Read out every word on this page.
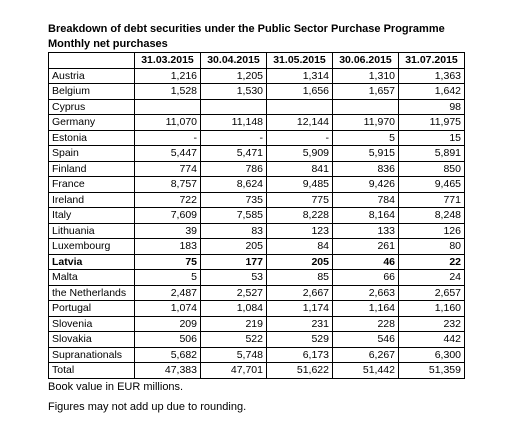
Breakdown of debt securities under the Public Sector Purchase Programme
Monthly net purchases
	31.03.2015	30.04.2015	31.05.2015	30.06.2015	31.07.2015
Austria	1,216	1,205	1,314	1,310	1,363
Belgium	1,528	1,530	1,656	1,657	1,642
Cyprus					98
Germany	11,070	11,148	12,144	11,970	11,975
Estonia	-	-	-	5	15
Spain	5,447	5,471	5,909	5,915	5,891
Finland	774	786	841	836	850
France	8,757	8,624	9,485	9,426	9,465
Ireland	722	735	775	784	771
Italy	7,609	7,585	8,228	8,164	8,248
Lithuania	39	83	123	133	126
Luxembourg	183	205	84	261	80
Latvia	75	177	205	46	22
Malta	5	53	85	66	24
the Netherlands	2,487	2,527	2,667	2,663	2,657
Portugal	1,074	1,084	1,174	1,164	1,160
Slovenia	209	219	231	228	232
Slovakia	506	522	529	546	442
Supranationals	5,682	5,748	6,173	6,267	6,300
Total	47,383	47,701	51,622	51,442	51,359
Book value in EUR millions.
Figures may not add up due to rounding.
